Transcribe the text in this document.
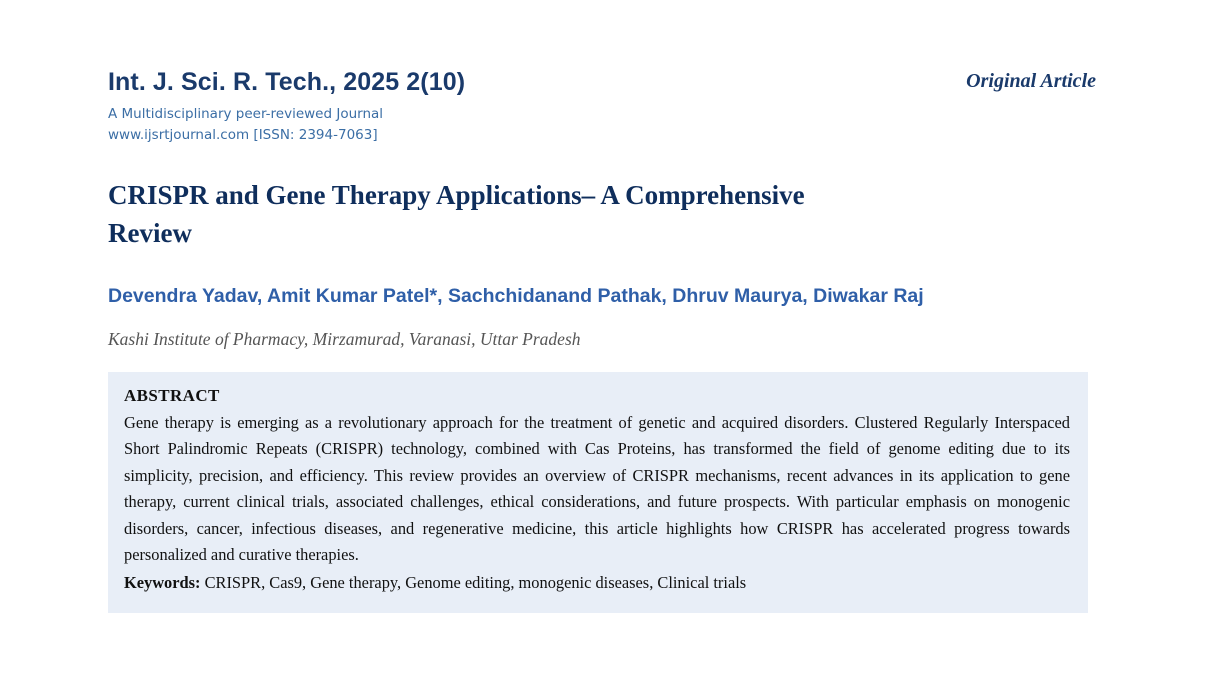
Int. J. Sci. R. Tech., 2025 2(10)
A Multidisciplinary peer-reviewed Journal
www.ijsrtjournal.com [ISSN: 2394-7063]
Original Article
CRISPR and Gene Therapy Applications– A Comprehensive Review
Devendra Yadav, Amit Kumar Patel*, Sachchidanand Pathak, Dhruv Maurya, Diwakar Raj
Kashi Institute of Pharmacy, Mirzamurad, Varanasi, Uttar Pradesh
ABSTRACT
Gene therapy is emerging as a revolutionary approach for the treatment of genetic and acquired disorders. Clustered Regularly Interspaced Short Palindromic Repeats (CRISPR) technology, combined with Cas Proteins, has transformed the field of genome editing due to its simplicity, precision, and efficiency. This review provides an overview of CRISPR mechanisms, recent advances in its application to gene therapy, current clinical trials, associated challenges, ethical considerations, and future prospects. With particular emphasis on monogenic disorders, cancer, infectious diseases, and regenerative medicine, this article highlights how CRISPR has accelerated progress towards personalized and curative therapies.
Keywords: CRISPR, Cas9, Gene therapy, Genome editing, monogenic diseases, Clinical trials
